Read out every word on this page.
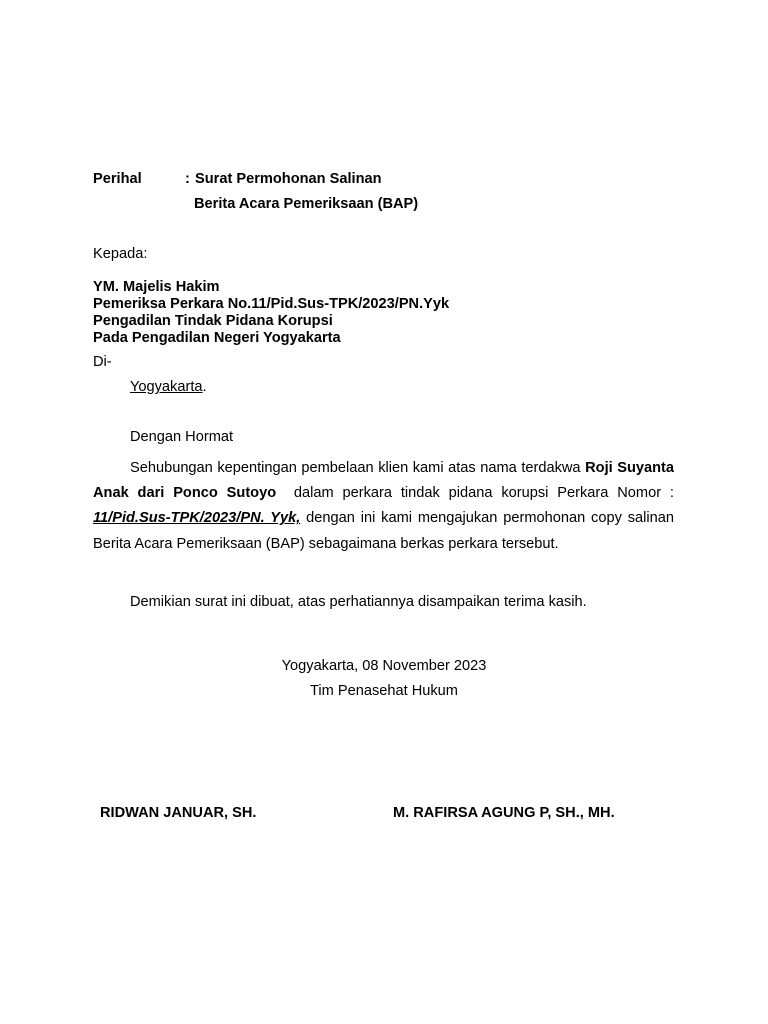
Perihal	: Surat Permohonan Salinan
Berita Acara Pemeriksaan (BAP)
Kepada:
YM. Majelis Hakim
Pemeriksa Perkara No.11/Pid.Sus-TPK/2023/PN.Yyk
Pengadilan Tindak Pidana Korupsi
Pada Pengadilan Negeri Yogyakarta
Di-
Yogyakarta.
Dengan Hormat
Sehubungan kepentingan pembelaan klien kami atas nama terdakwa Roji Suyanta Anak dari Ponco Sutoyo  dalam perkara tindak pidana korupsi Perkara Nomor : 11/Pid.Sus-TPK/2023/PN. Yyk, dengan ini kami mengajukan permohonan copy salinan Berita Acara Pemeriksaan (BAP) sebagaimana berkas perkara tersebut.
Demikian surat ini dibuat, atas perhatiannya disampaikan terima kasih.
Yogyakarta, 08 November 2023
Tim Penasehat Hukum
RIDWAN JANUAR, SH.	M. RAFIRSA AGUNG P, SH., MH.
